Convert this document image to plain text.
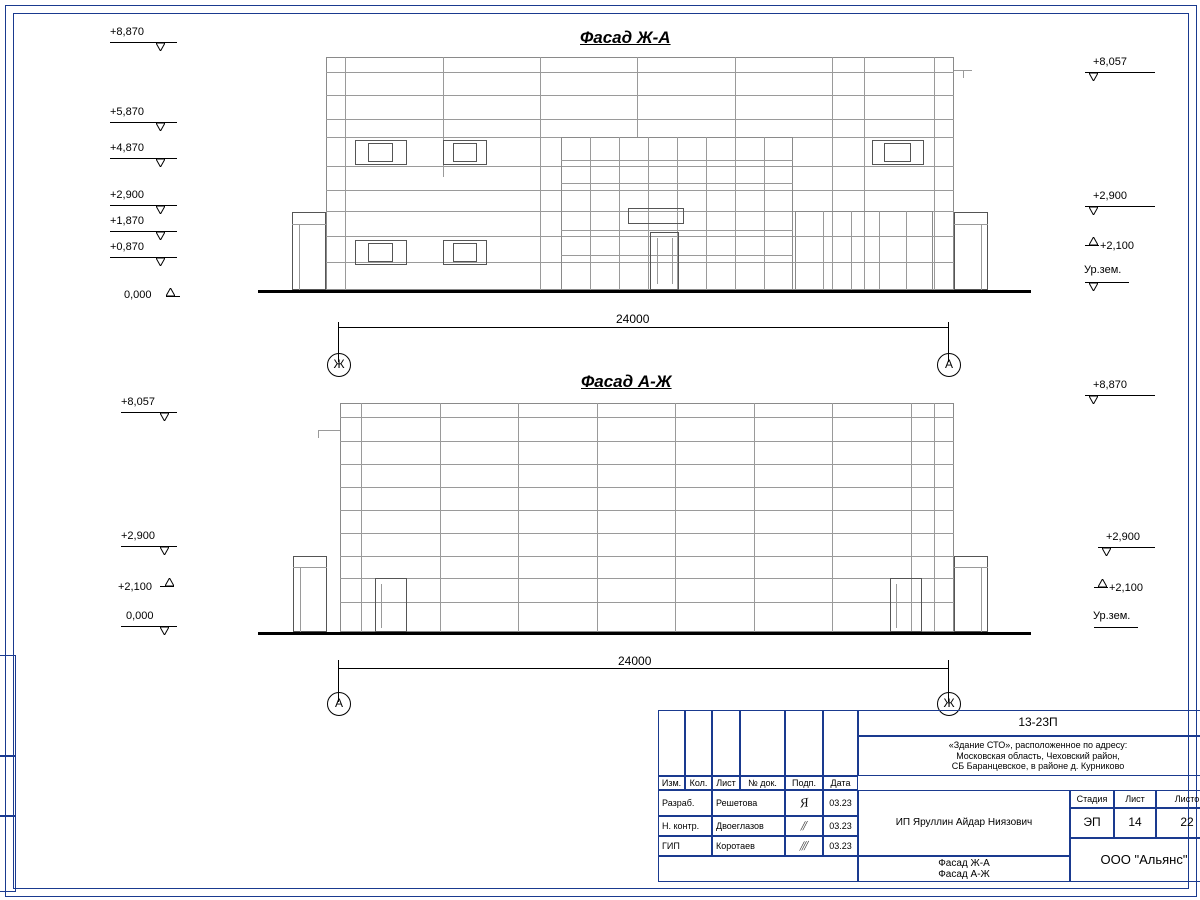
Фасад Ж-А
+8,870
+5,870
+4,870
+2,900
+1,870
+0,870
0,000
+8,057
+2,900
+2,100
Ур.зем.
24000
Ж	А
Фасад А-Ж
+8,057
+2,900
+2,100
0,000
+8,870
+2,900
+2,100
Ур.зем.
24000
А	Ж
13-23П
«Здание СТО», расположенное по адресу:
Московская область, Чеховский район,
СБ Баранцевское, в районе д. Курниково
Изм. Кол. Лист	№ док.	Подп.	Дата
Разраб.	Решетова	Я	03.23
Н. контр.	Двоеглазов	∕∕	03.23
ГИП	Коротаев	∕∕∕	03.23
ИП Яруллин Айдар Ниязович
Стадия	Лист	Листо
ЭП	14	22
Фасад Ж-А
Фасад А-Ж
ООО "Альянс"
